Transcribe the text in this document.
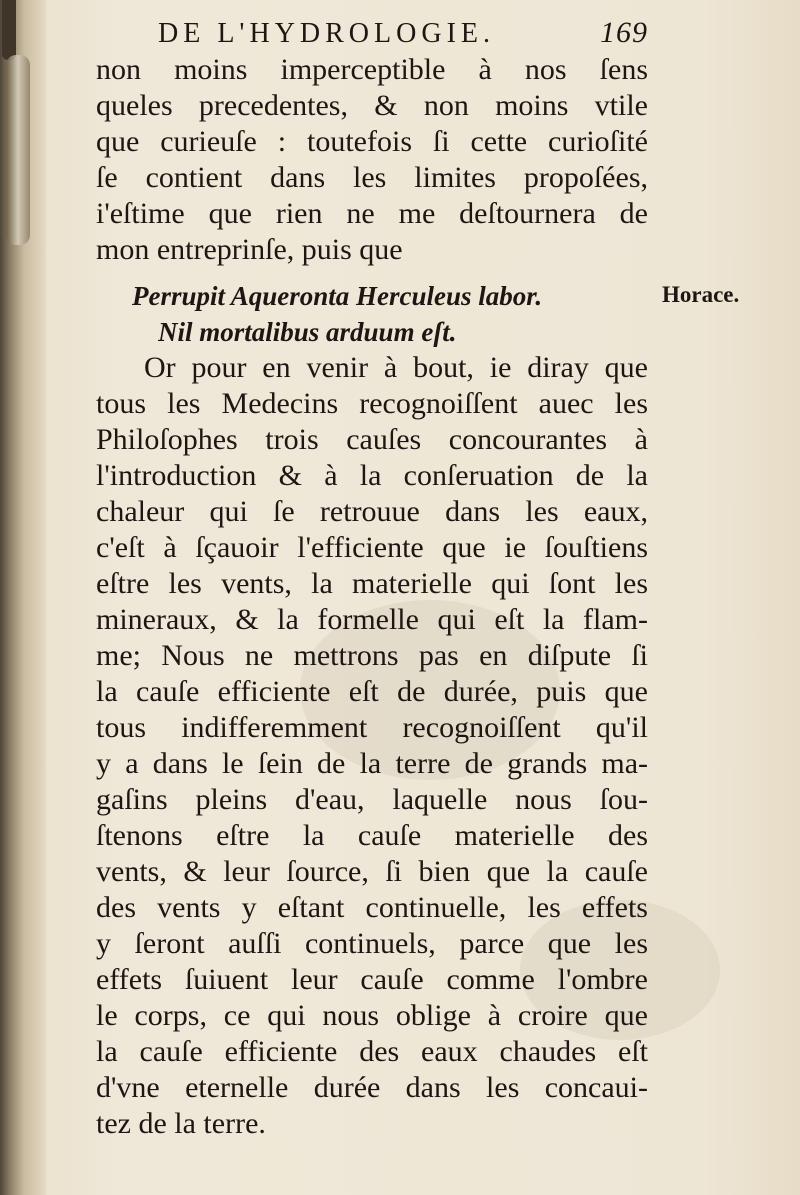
DE L'HYDROLOGIE.	169
Horace.
non moins imperceptible à nos ſens
queles precedentes, & non moins vtile
que curieuſe : toutefois ſi cette curioſité
ſe contient dans les limites propoſées,
i'eſtime que rien ne me deſtournera de
mon entreprinſe, puis que
Perrupit Aqueronta Herculeus labor.
Nil mortalibus arduum eſt.
Or pour en venir à bout, ie diray que
tous les Medecins recognoiſſent auec les
Philoſophes trois cauſes concourantes à
l'introduction & à la conſeruation de la
chaleur qui ſe retrouue dans les eaux,
c'eſt à ſçauoir l'efficiente que ie ſouſtiens
eſtre les vents, la materielle qui ſont les
mineraux, & la formelle qui eſt la flam-
me; Nous ne mettrons pas en diſpute ſi
la cauſe efficiente eſt de durée, puis que
tous indifferemment recognoiſſent qu'il
y a dans le ſein de la terre de grands ma-
gaſins pleins d'eau, laquelle nous ſou-
ſtenons eſtre la cauſe materielle des
vents, & leur ſource, ſi bien que la cauſe
des vents y eſtant continuelle, les effets
y ſeront auſſi continuels, parce que les
effets ſuiuent leur cauſe comme l'ombre
le corps, ce qui nous oblige à croire que
la cauſe efficiente des eaux chaudes eſt
d'vne eternelle durée dans les concaui-
tez de la terre.
